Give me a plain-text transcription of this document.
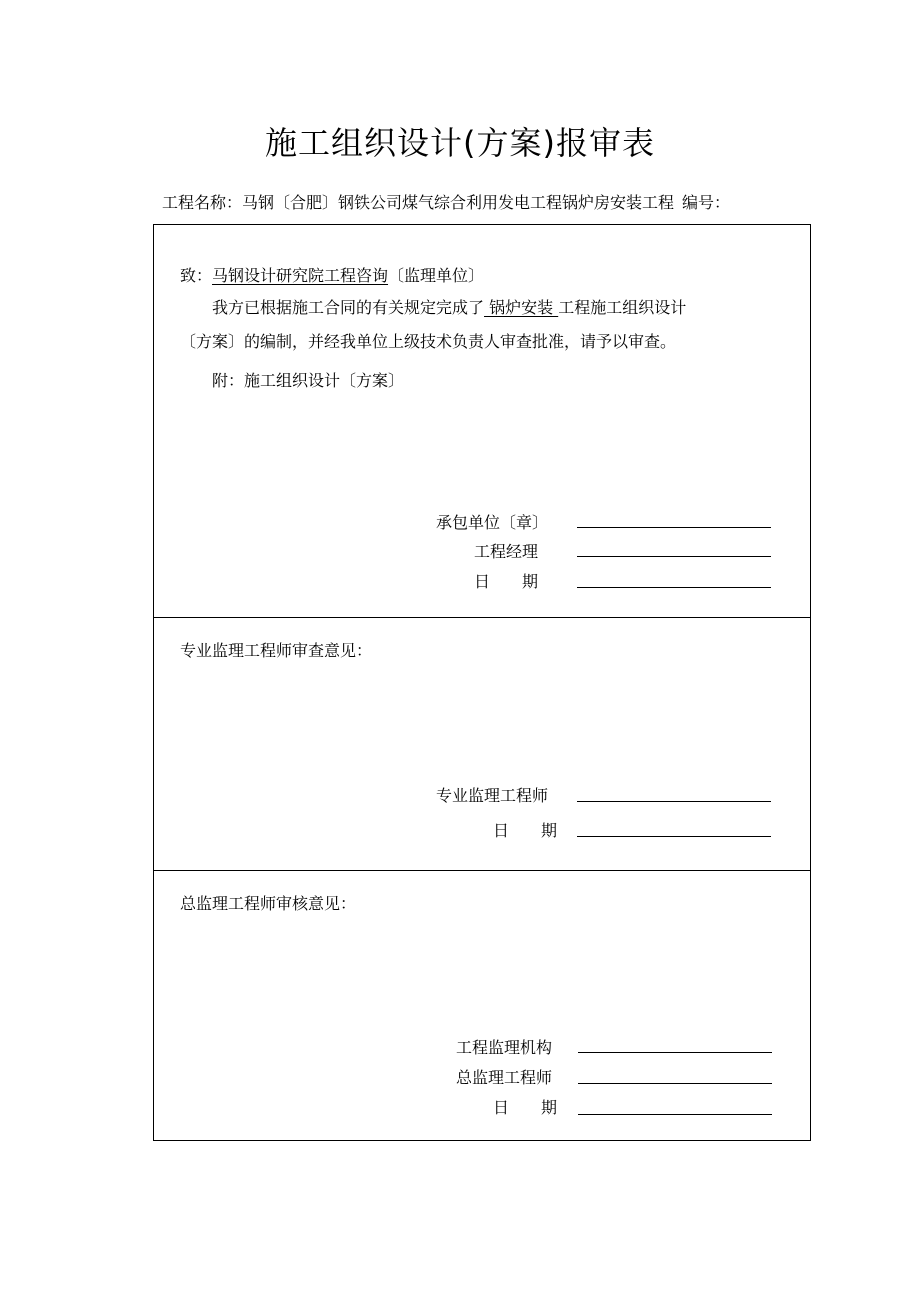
施工组织设计(方案)报审表
工程名称：马钢〔合肥〕钢铁公司煤气综合利用发电工程锅炉房安装工程 编号：
致：马钢设计研究院工程咨询〔监理单位〕
我方已根据施工合同的有关规定完成了 锅炉安装 工程施工组织设计
〔方案〕的编制，并经我单位上级技术负责人审查批准，请予以审查。
附：施工组织设计〔方案〕
承包单位〔章〕
工程经理
日　　期
专业监理工程师审查意见：
专业监理工程师
日　　期
总监理工程师审核意见：
工程监理机构
总监理工程师
日　　期
